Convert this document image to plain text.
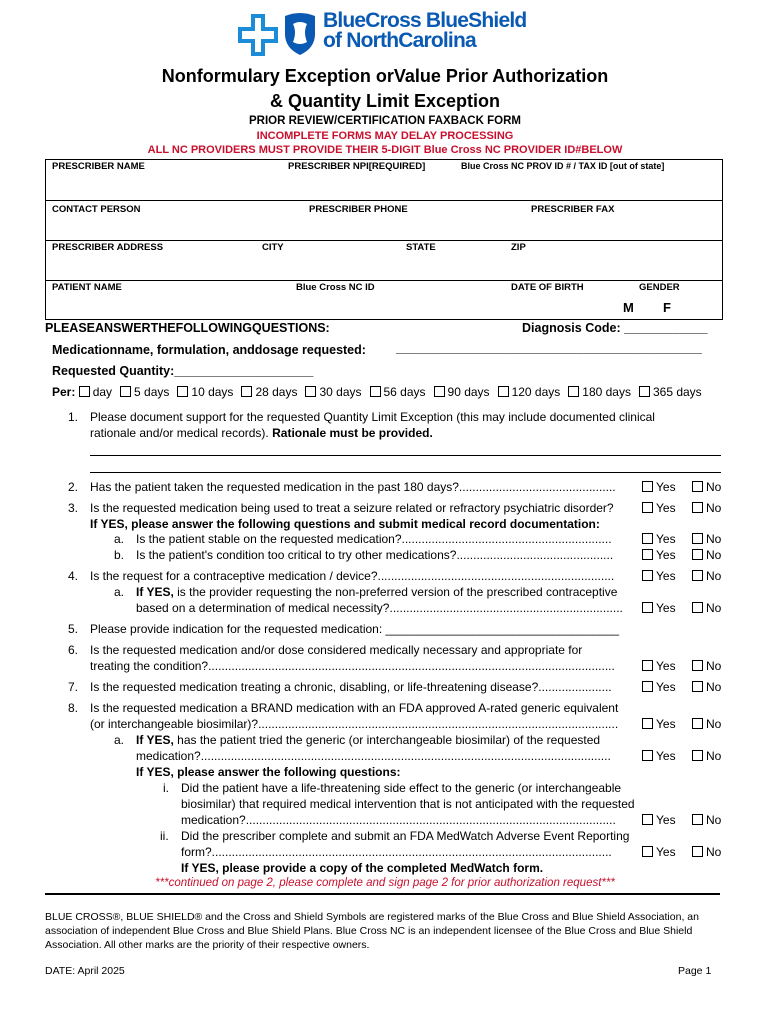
BlueCross BlueShield
of NorthCarolina
Nonformulary Exception orValue Prior Authorization
& Quantity Limit Exception
PRIOR REVIEW/CERTIFICATION FAXBACK FORM
INCOMPLETE FORMS MAY DELAY PROCESSING
ALL NC PROVIDERS MUST PROVIDE THEIR 5-DIGIT Blue Cross NC PROVIDER ID#BELOW
PRESCRIBER NAME	PRESCRIBER NPI[REQUIRED]	Blue Cross NC PROV ID # / TAX ID [out of state]
CONTACT PERSON	PRESCRIBER PHONE	PRESCRIBER FAX
PRESCRIBER ADDRESS	CITY	STATE	ZIP
PATIENT NAME	Blue Cross NC ID	DATE OF BIRTH	GENDER
M F
PLEASEANSWERTHEFOLLOWINGQUESTIONS:	Diagnosis Code: ____________
Medicationname, formulation, anddosage requested: ____________________________________________
Requested Quantity:____________________
Per: day 5 days 10 days 28 days 30 days 56 days 90 days 120 days 180 days 365 days
1. Please document support for the requested Quantity Limit Exception (this may include documented clinical
rationale and/or medical records). Rationale must be provided.
2. Has the patient taken the requested medication in the past 180 days?...............................................	Yes	No
3. Is the requested medication being used to treat a seizure related or refractory psychiatric disorder?	Yes	No
If YES, please answer the following questions and submit medical record documentation:
a. Is the patient stable on the requested medication?...............................................................	Yes	No
b. Is the patient's condition too critical to try other medications?...............................................	Yes	No
4. Is the request for a contraceptive medication / device?.......................................................................	Yes	No
a. If YES, is the provider requesting the non-preferred version of the prescribed contraceptive
based on a determination of medical necessity?......................................................................	Yes	No
5. Please provide indication for the requested medication: ___________________________________
6. Is the requested medication and/or dose considered medically necessary and appropriate for
treating the condition?..........................................................................................................................	Yes	No
7. Is the requested medication treating a chronic, disabling, or life-threatening disease?......................	Yes	No
8. Is the requested medication a BRAND medication with an FDA approved A-rated generic equivalent
(or interchangeable biosimilar)?............................................................................................................	Yes	No
a. If YES, has the patient tried the generic (or interchangeable biosimilar) of the requested
medication?...........................................................................................................................	Yes	No
If YES, please answer the following questions:
i. Did the patient have a life-threatening side effect to the generic (or interchangeable
biosimilar) that required medical intervention that is not anticipated with the requested
medication?...............................................................................................................	Yes	No
ii. Did the prescriber complete and submit an FDA MedWatch Adverse Event Reporting
form?........................................................................................................................	Yes	No
If YES, please provide a copy of the completed MedWatch form.
***continued on page 2, please complete and sign page 2 for prior authorization request***
BLUE CROSS®, BLUE SHIELD® and the Cross and Shield Symbols are registered marks of the Blue Cross and Blue Shield Association, an association of independent Blue Cross and Blue Shield Plans. Blue Cross NC is an independent licensee of the Blue Cross and Blue Shield Association. All other marks are the priority of their respective owners.
DATE: April 2025	Page 1
